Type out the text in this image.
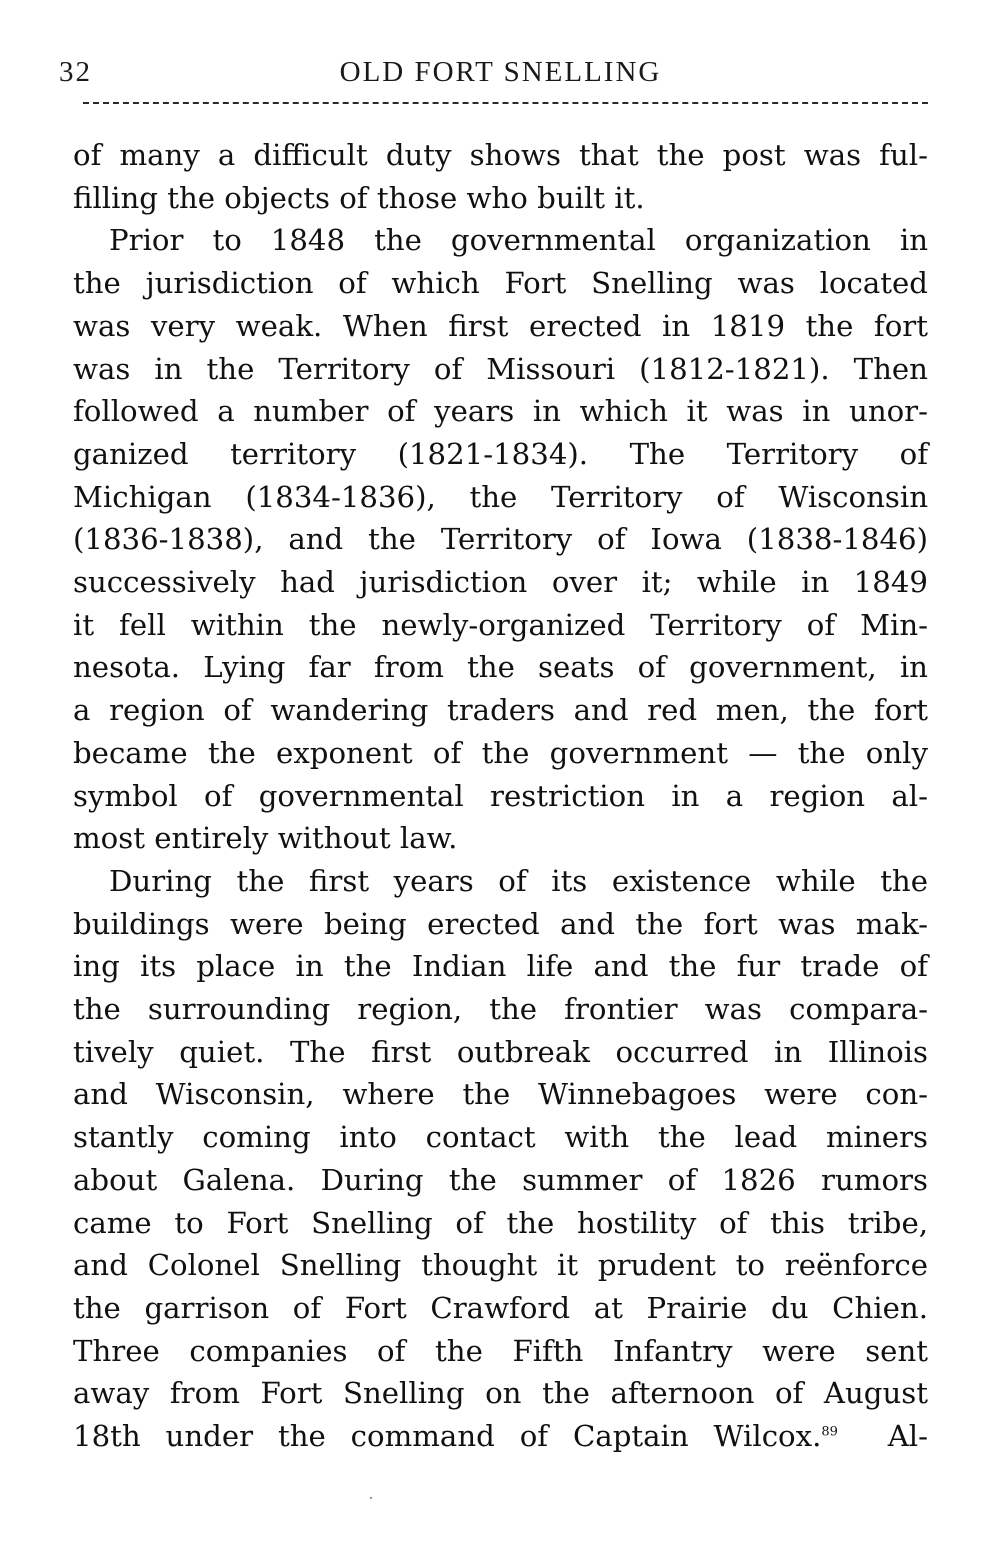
32	OLD FORT SNELLING
of many a difficult duty shows that the post was ful-
filling the objects of those who built it.
Prior to 1848 the governmental organization in
the jurisdiction of which Fort Snelling was located
was very weak. When first erected in 1819 the fort
was in the Territory of Missouri (1812-1821). Then
followed a number of years in which it was in unor-
ganized territory (1821-1834). The Territory of
Michigan (1834-1836), the Territory of Wisconsin
(1836-1838), and the Territory of Iowa (1838-1846)
successively had jurisdiction over it; while in 1849
it fell within the newly-organized Territory of Min-
nesota. Lying far from the seats of government, in
a region of wandering traders and red men, the fort
became the exponent of the government — the only
symbol of governmental restriction in a region al-
most entirely without law.
During the first years of its existence while the
buildings were being erected and the fort was mak-
ing its place in the Indian life and the fur trade of
the surrounding region, the frontier was compara-
tively quiet. The first outbreak occurred in Illinois
and Wisconsin, where the Winnebagoes were con-
stantly coming into contact with the lead miners
about Galena. During the summer of 1826 rumors
came to Fort Snelling of the hostility of this tribe,
and Colonel Snelling thought it prudent to reënforce
the garrison of Fort Crawford at Prairie du Chien.
Three companies of the Fifth Infantry were sent
away from Fort Snelling on the afternoon of August
18th under the command of Captain Wilcox.$^{89}$ Al-
